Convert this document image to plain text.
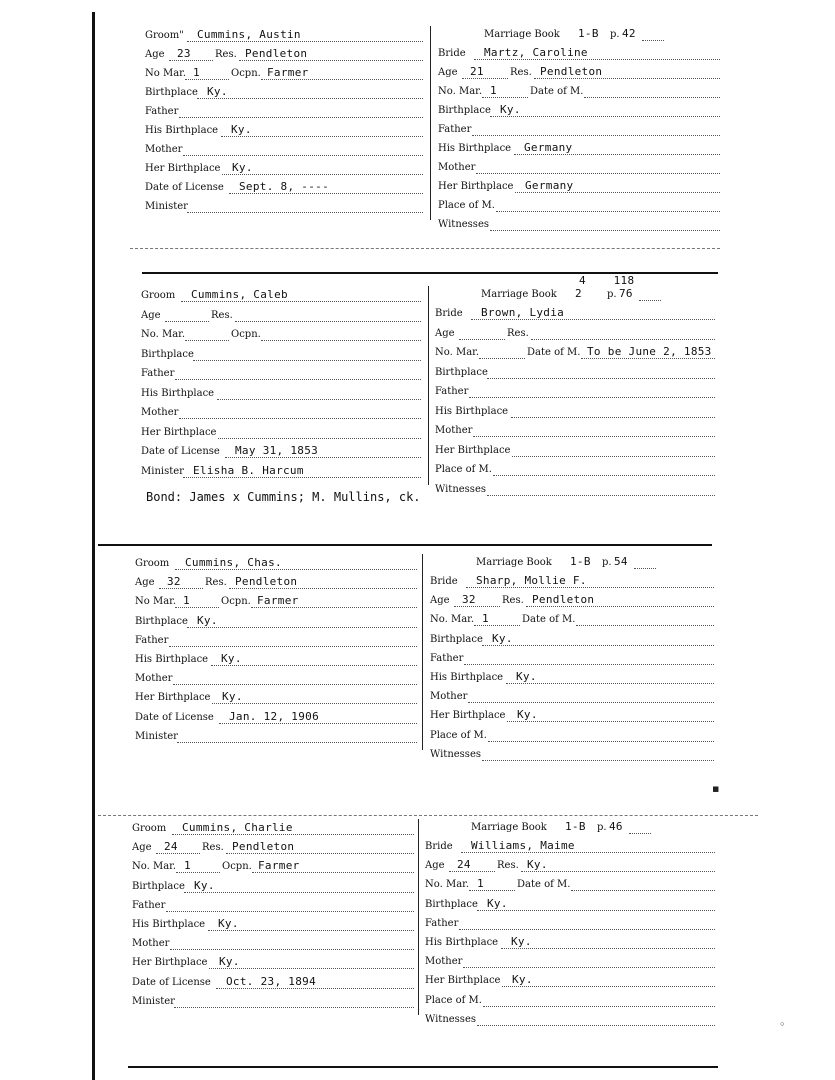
◦
▪
Groom" Cummins, Austin
Age 23 Res. Pendleton
No Mar. 1	Ocpn. Farmer
Birthplace Ky.
Father
His Birthplace Ky.
Mother
Her Birthplace Ky.
Date of License Sept. 8, ----
Minister
Marriage Book 1-B p. 42
Bride Martz, Caroline
Age 21	Res. Pendleton
No. Mar. 1	Date of M.
Birthplace Ky.
Father
His Birthplace Germany
Mother
Her Birthplace Germany
Place of M.
Witnesses
Groom Cummins, Caleb
Age	Res.
No. Mar.	Ocpn.
Birthplace
Father
His Birthplace
Mother
Her Birthplace
Date of License May 31, 1853
Minister Elisha B. Harcum
Marriage Book 2	p. 76
4    118
Bride Brown, Lydia
Age	Res.
No. Mar.	Date of M. To be June 2, 1853
Birthplace
Father
His Birthplace
Mother
Her Birthplace
Place of M.
Witnesses
Bond: James x Cummins; M. Mullins, ck.
Groom Cummins, Chas.
Age 32 Res. Pendleton
No Mar. 1	Ocpn. Farmer
Birthplace Ky.
Father
His Birthplace Ky.
Mother
Her Birthplace Ky.
Date of License Jan. 12, 1906
Minister
Marriage Book 1-B p. 54
Bride Sharp, Mollie F.
Age 32	Res. Pendleton
No. Mar. 1	Date of M.
Birthplace Ky.
Father
His Birthplace Ky.
Mother
Her Birthplace Ky.
Place of M.
Witnesses
Groom Cummins, Charlie
Age 24 Res. Pendleton
No. Mar. 1	Ocpn. Farmer
Birthplace Ky.
Father
His Birthplace Ky.
Mother
Her Birthplace Ky.
Date of License Oct. 23, 1894
Minister
Marriage Book 1-B p. 46
Bride Williams, Maime
Age 24	Res. Ky.
No. Mar. 1	Date of M.
Birthplace Ky.
Father
His Birthplace Ky.
Mother
Her Birthplace Ky.
Place of M.
Witnesses
